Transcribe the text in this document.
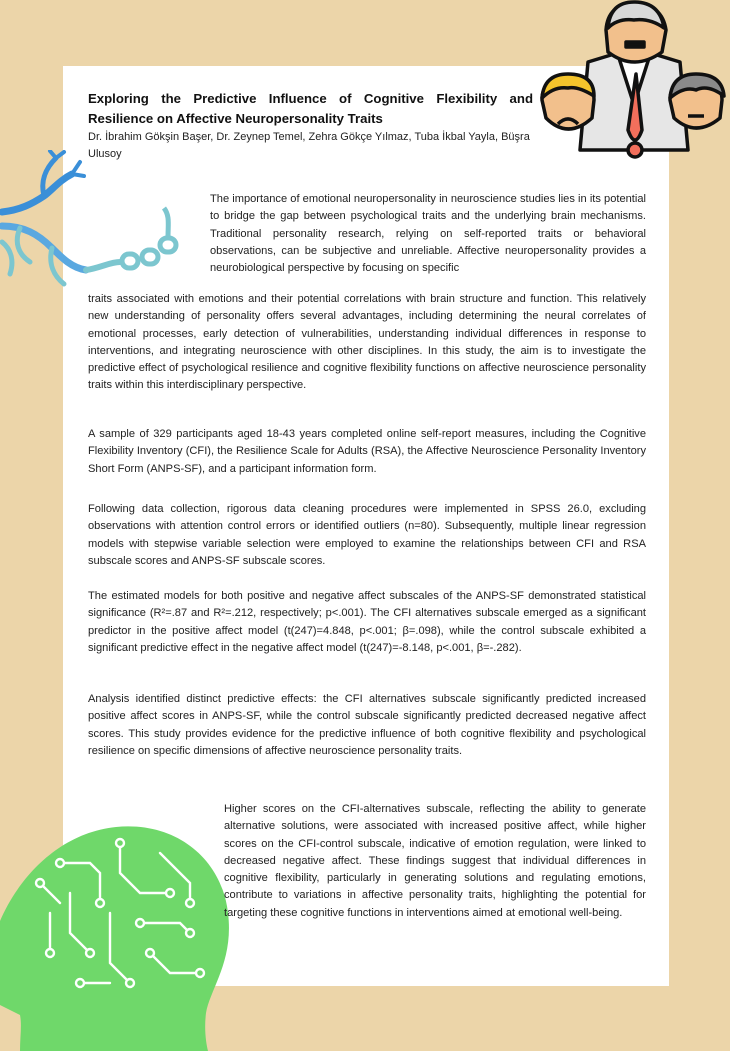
Exploring the Predictive Influence of Cognitive Flexibility and
Resilience on Affective Neuropersonality Traits

Dr. İbrahim Gökşin Başer, Dr. Zeynep Temel, Zehra Gökçe Yılmaz, Tuba İkbal Yayla, Büşra Ulusoy

The importance of emotional neuropersonality in neuroscience studies lies in its potential to bridge the gap between psychological traits and the underlying brain mechanisms. Traditional personality research, relying on self-reported traits or behavioral observations, can be subjective and unreliable. Affective neuropersonality provides a neurobiological perspective by focusing on specific

traits associated with emotions and their potential correlations with brain structure and function. This relatively new understanding of personality offers several advantages, including determining the neural correlates of emotional processes, early detection of vulnerabilities, understanding individual differences in response to interventions, and integrating neuroscience with other disciplines. In this study, the aim is to investigate the predictive effect of psychological resilience and cognitive flexibility functions on affective neuroscience personality traits within this interdisciplinary perspective.

A sample of 329 participants aged 18-43 years completed online self-report measures, including the Cognitive Flexibility Inventory (CFI), the Resilience Scale for Adults (RSA), the Affective Neuroscience Personality Inventory Short Form (ANPS-SF), and a participant information form.

Following data collection, rigorous data cleaning procedures were implemented in SPSS 26.0, excluding observations with attention control errors or identified outliers (n=80). Subsequently, multiple linear regression models with stepwise variable selection were employed to examine the relationships between CFI and RSA subscale scores and ANPS-SF subscale scores.

The estimated models for both positive and negative affect subscales of the ANPS-SF demonstrated statistical significance (R²=.87 and R²=.212, respectively; p<.001). The CFI alternatives subscale emerged as a significant predictor in the positive affect model (t(247)=4.848, p<.001; β=.098), while the control subscale exhibited a significant predictive effect in the negative affect model (t(247)=-8.148, p<.001, β=-.282).

Analysis identified distinct predictive effects: the CFI alternatives subscale significantly predicted increased positive affect scores in ANPS-SF, while the control subscale significantly predicted decreased negative affect scores. This study provides evidence for the predictive influence of both cognitive flexibility and psychological resilience on specific dimensions of affective neuroscience personality traits.

Higher scores on the CFI-alternatives subscale, reflecting the ability to generate alternative solutions, were associated with increased positive affect, while higher scores on the CFI-control subscale, indicative of emotion regulation, were linked to decreased negative affect. These findings suggest that individual differences in cognitive flexibility, particularly in generating solutions and regulating emotions, contribute to variations in affective personality traits, highlighting the potential for targeting these cognitive functions in interventions aimed at emotional well-being.
